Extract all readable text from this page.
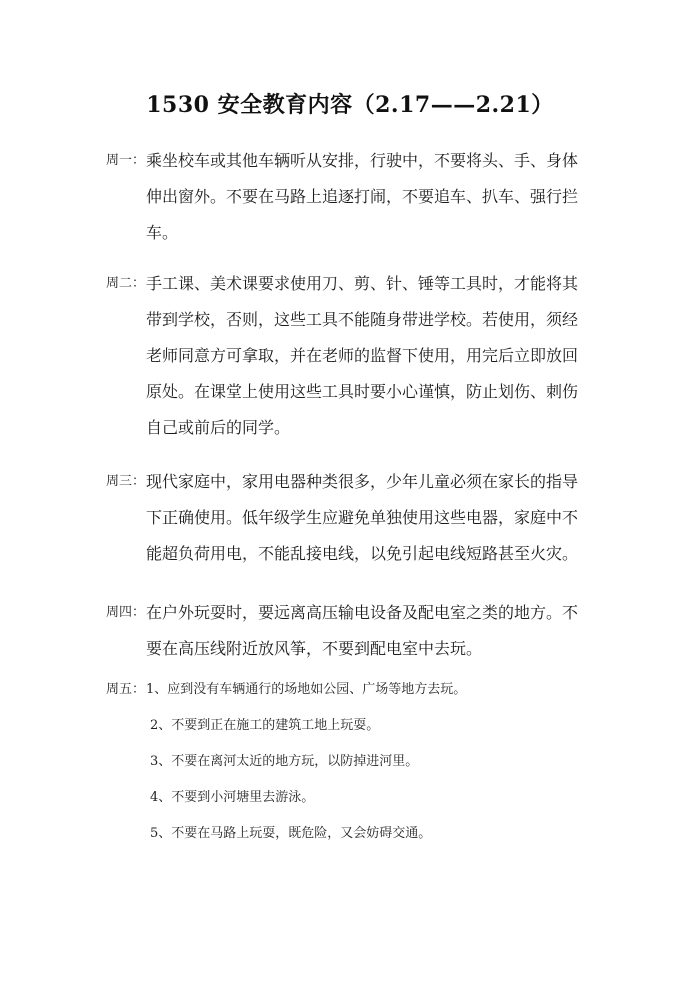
1530 安全教育内容（2.17——2.21）
周一： 乘坐校车或其他车辆听从安排，行驶中，不要将头、手、身体
伸出窗外。不要在马路上追逐打闹，不要追车、扒车、强行拦
车。
周二： 手工课、美术课要求使用刀、剪、针、锤等工具时，才能将其
带到学校，否则，这些工具不能随身带进学校。若使用，须经
老师同意方可拿取，并在老师的监督下使用，用完后立即放回
原处。在课堂上使用这些工具时要小心谨慎，防止划伤、刺伤
自己或前后的同学。
周三： 现代家庭中，家用电器种类很多，少年儿童必须在家长的指导
下正确使用。低年级学生应避免单独使用这些电器，家庭中不
能超负荷用电，不能乱接电线，以免引起电线短路甚至火灾。
周四： 在户外玩耍时，要远离高压输电设备及配电室之类的地方。不
要在高压线附近放风筝，不要到配电室中去玩。
周五： 1、应到没有车辆通行的场地如公园、广场等地方去玩。
2、不要到正在施工的建筑工地上玩耍。
3、不要在离河太近的地方玩，以防掉进河里。
4、不要到小河塘里去游泳。
5、不要在马路上玩耍，既危险，又会妨碍交通。
